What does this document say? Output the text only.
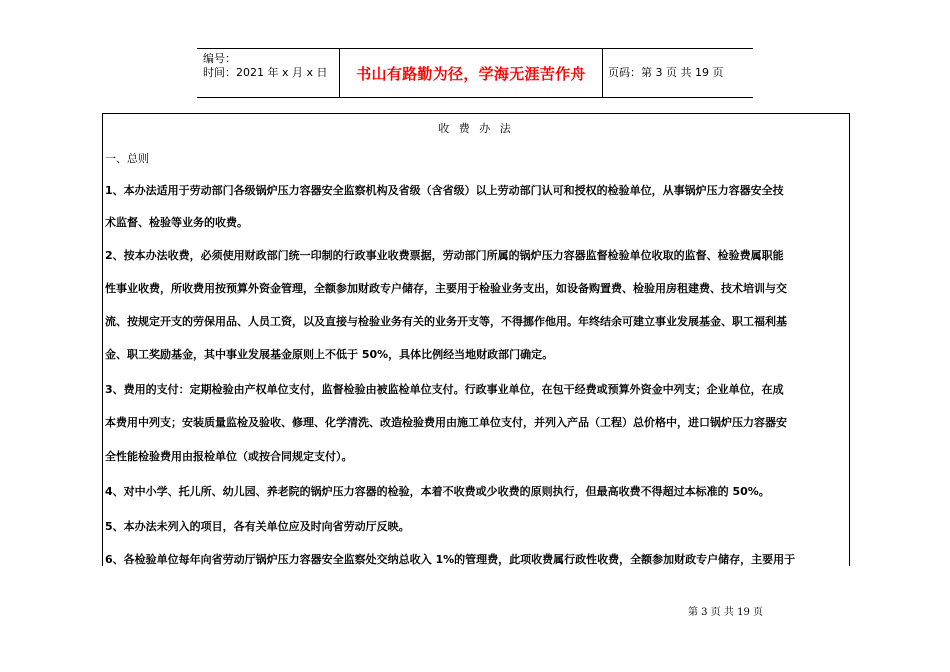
编号：
时间：2021 年 x 月 x 日 书山有路勤为径，学海无涯苦作舟 页码：第 3 页 共 19 页
收 费 办 法
一、总则
1、本办法适用于劳动部门各级锅炉压力容器安全监察机构及省级（含省级）以上劳动部门认可和授权的检验单位，从事锅炉压力容器安全技
术监督、检验等业务的收费。
2、按本办法收费，必须使用财政部门统一印制的行政事业收费票据，劳动部门所属的锅炉压力容器监督检验单位收取的监督、检验费属职能
性事业收费，所收费用按预算外资金管理，全额参加财政专户储存，主要用于检验业务支出，如设备购置费、检验用房租建费、技术培训与交
流、按规定开支的劳保用品、人员工资，以及直接与检验业务有关的业务开支等，不得挪作他用。年终结余可建立事业发展基金、职工福利基
金、职工奖励基金，其中事业发展基金原则上不低于 50%，具体比例经当地财政部门确定。
3、费用的支付：定期检验由产权单位支付，监督检验由被监检单位支付。行政事业单位，在包干经费或预算外资金中列支；企业单位，在成
本费用中列支；安装质量监检及验收、修理、化学清洗、改造检验费用由施工单位支付，并列入产品（工程）总价格中，进口锅炉压力容器安
全性能检验费用由报检单位（或按合同规定支付）。
4、对中小学、托儿所、幼儿园、养老院的锅炉压力容器的检验，本着不收费或少收费的原则执行，但最高收费不得超过本标准的 50%。
5、本办法未列入的项目，各有关单位应及时向省劳动厅反映。
6、各检验单位每年向省劳动厅锅炉压力容器安全监察处交纳总收入 1%的管理费，此项收费属行政性收费，全额参加财政专户储存，主要用于
第 3 页 共 19 页
